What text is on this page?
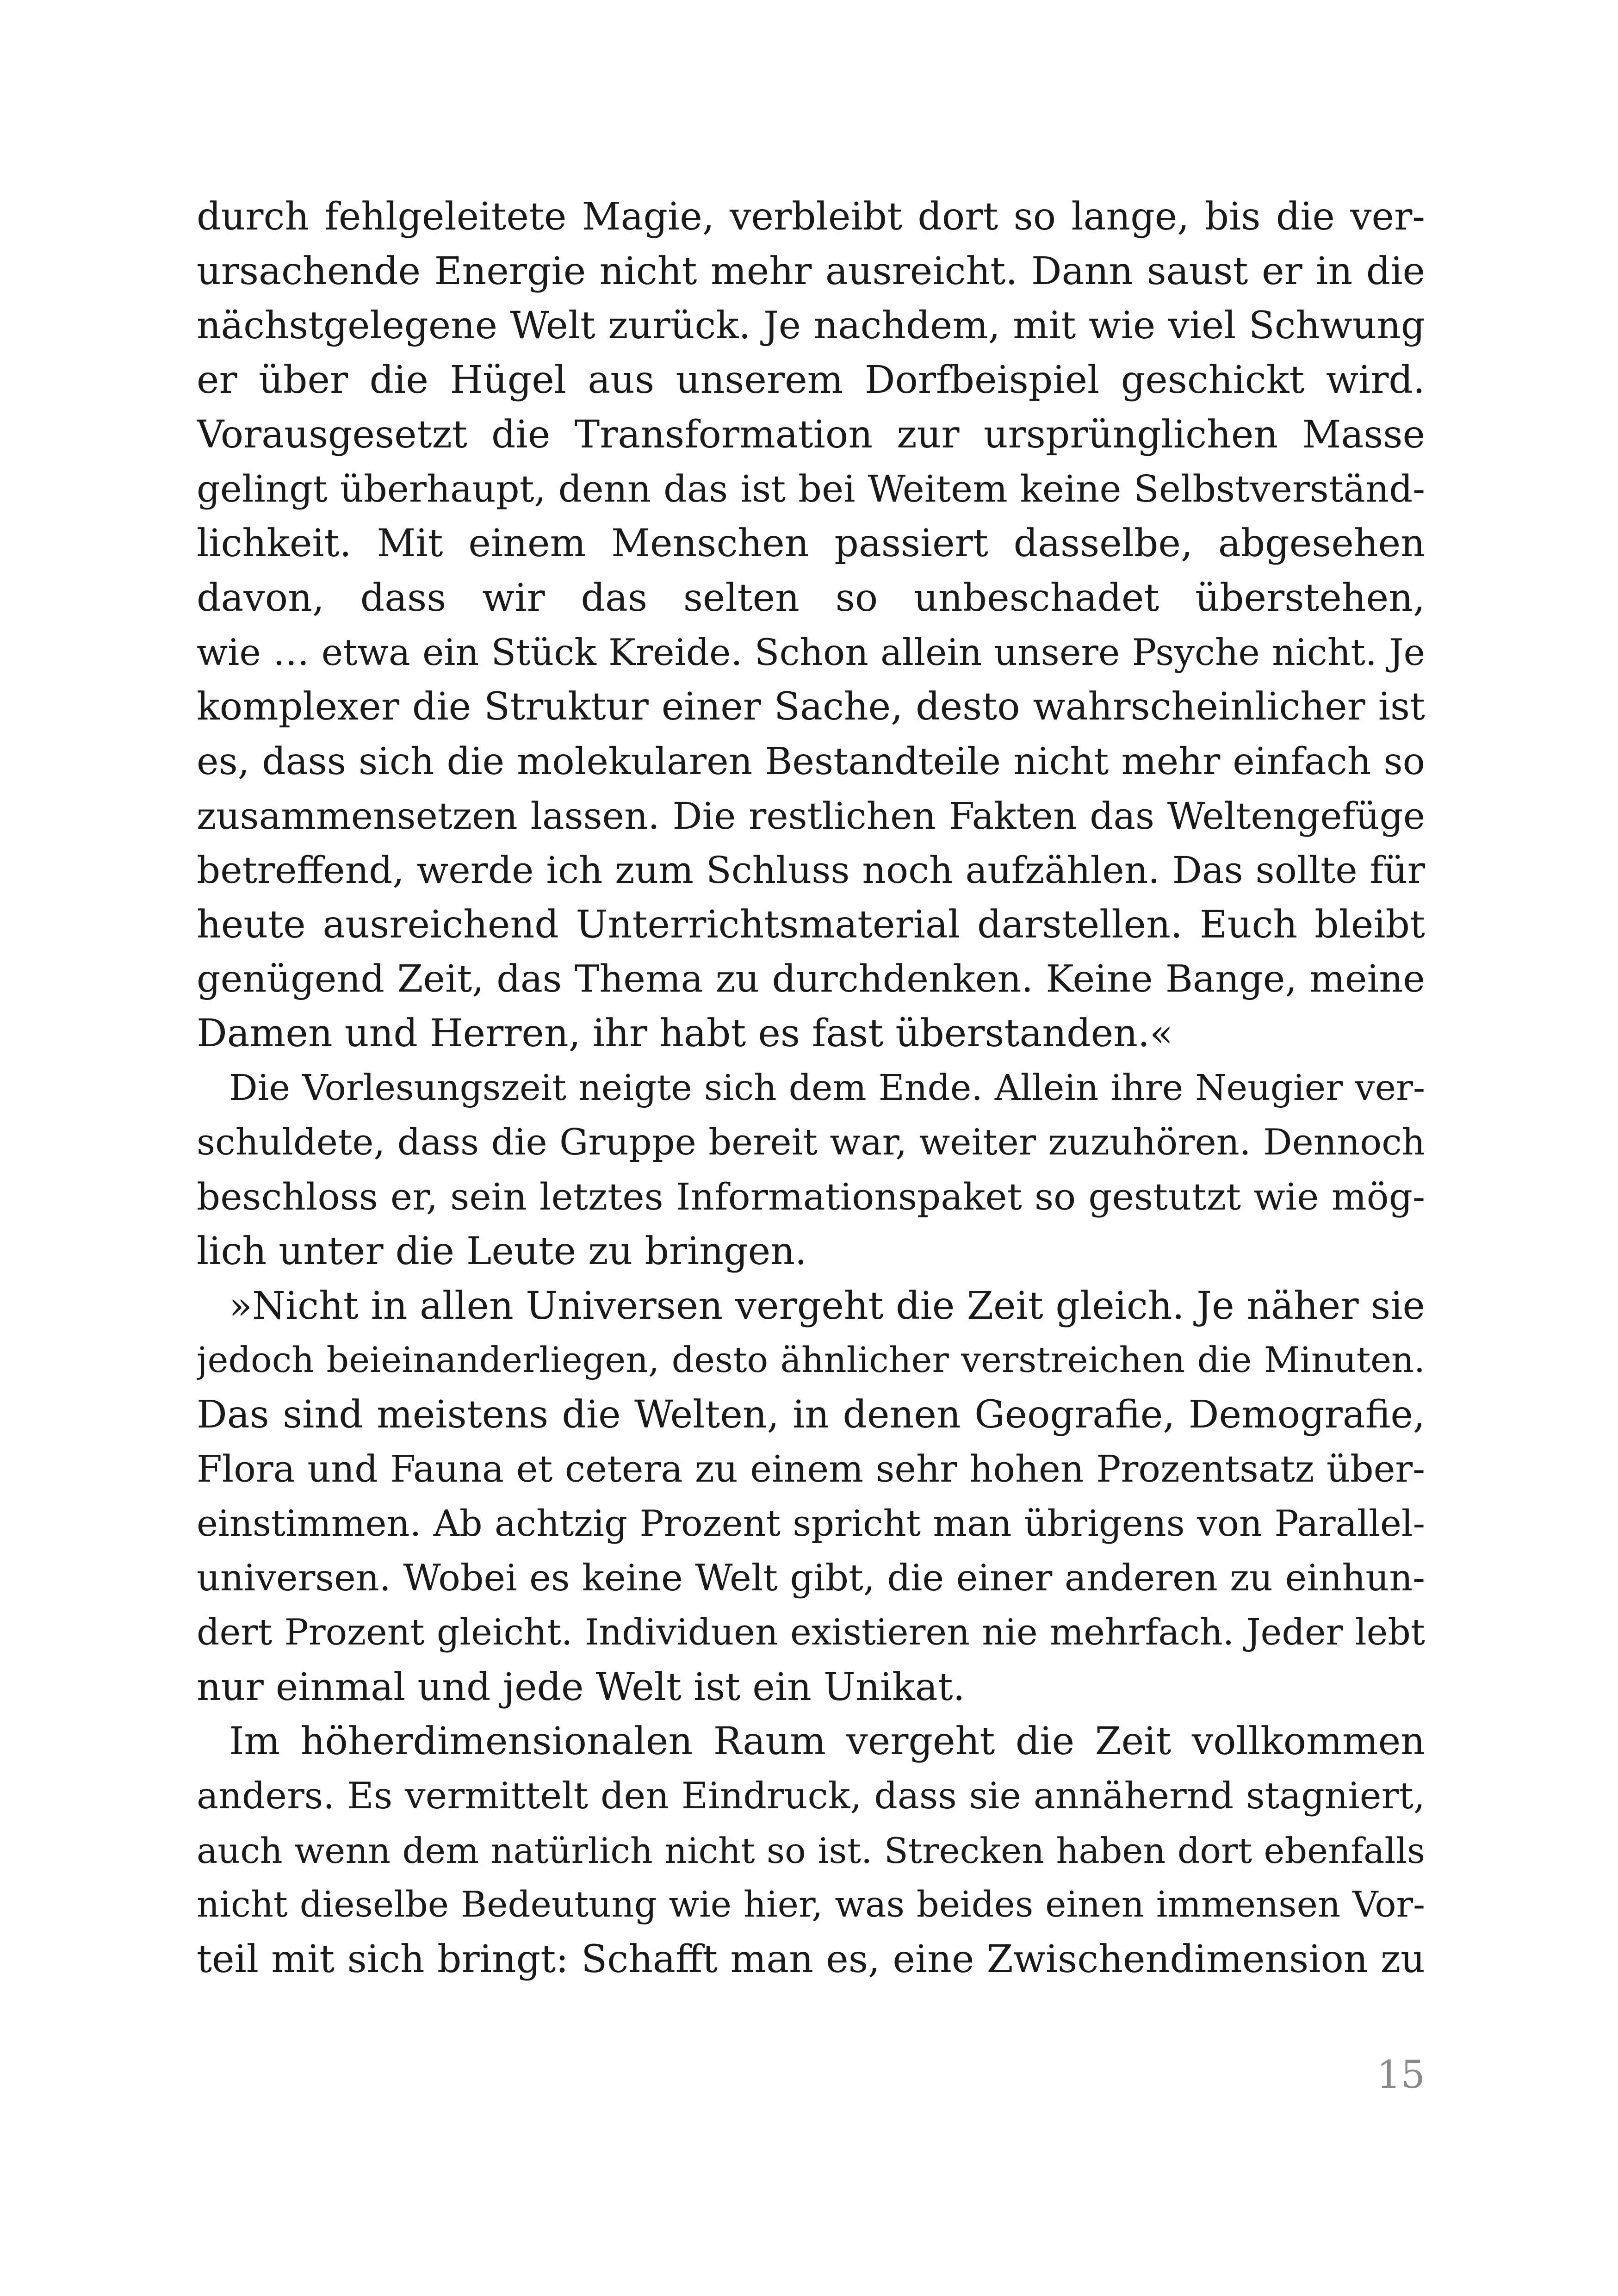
durch fehlgeleitete Magie, verbleibt dort so lange, bis die ver-
ursachende Energie nicht mehr ausreicht. Dann saust er in die
nächstgelegene Welt zurück. Je nachdem, mit wie viel Schwung
er über die Hügel aus unserem Dorfbeispiel geschickt wird.
Vorausgesetzt die Transformation zur ursprünglichen Masse
gelingt überhaupt, denn das ist bei Weitem keine Selbstverständ-
lichkeit. Mit einem Menschen passiert dasselbe, abgesehen
davon, dass wir das selten so unbeschadet überstehen,
wie … etwa ein Stück Kreide. Schon allein unsere Psyche nicht. Je
komplexer die Struktur einer Sache, desto wahrscheinlicher ist
es, dass sich die molekularen Bestandteile nicht mehr einfach so
zusammensetzen lassen. Die restlichen Fakten das Weltengefüge
betreffend, werde ich zum Schluss noch aufzählen. Das sollte für
heute ausreichend Unterrichtsmaterial darstellen. Euch bleibt
genügend Zeit, das Thema zu durchdenken. Keine Bange, meine
Damen und Herren, ihr habt es fast überstanden.«
Die Vorlesungszeit neigte sich dem Ende. Allein ihre Neugier ver-
schuldete, dass die Gruppe bereit war, weiter zuzuhören. Dennoch
beschloss er, sein letztes Informationspaket so gestutzt wie mög-
lich unter die Leute zu bringen.
»Nicht in allen Universen vergeht die Zeit gleich. Je näher sie
jedoch beieinanderliegen, desto ähnlicher verstreichen die Minuten.
Das sind meistens die Welten, in denen Geografie, Demografie,
Flora und Fauna et cetera zu einem sehr hohen Prozentsatz über-
einstimmen. Ab achtzig Prozent spricht man übrigens von Parallel-
universen. Wobei es keine Welt gibt, die einer anderen zu einhun-
dert Prozent gleicht. Individuen existieren nie mehrfach. Jeder lebt
nur einmal und jede Welt ist ein Unikat.
Im höherdimensionalen Raum vergeht die Zeit vollkommen
anders. Es vermittelt den Eindruck, dass sie annähernd stagniert,
auch wenn dem natürlich nicht so ist. Strecken haben dort ebenfalls
nicht dieselbe Bedeutung wie hier, was beides einen immensen Vor-
teil mit sich bringt: Schafft man es, eine Zwischendimension zu
15
